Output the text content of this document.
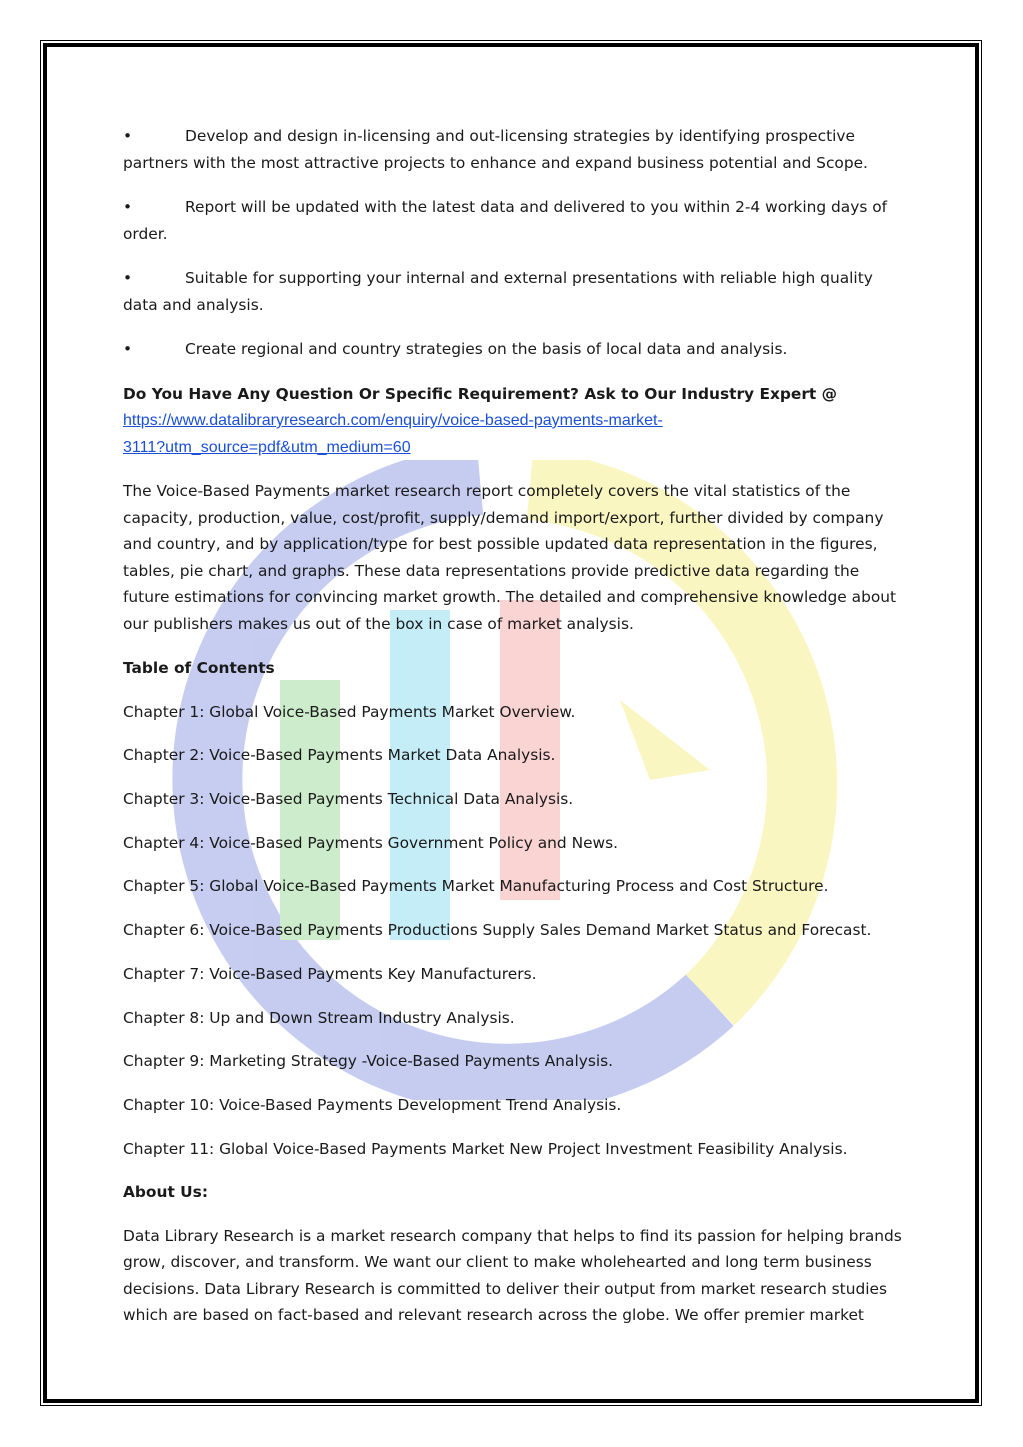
•	Develop and design in-licensing and out-licensing strategies by identifying prospective

partners with the most attractive projects to enhance and expand business potential and Scope.

•	Report will be updated with the latest data and delivered to you within 2-4 working days of

order.

•	Suitable for supporting your internal and external presentations with reliable high quality

data and analysis.

•	Create regional and country strategies on the basis of local data and analysis.

Do You Have Any Question Or Specific Requirement? Ask to Our Industry Expert @

https://www.datalibraryresearch.com/enquiry/voice-based-payments-market-
3111?utm_source=pdf&utm_medium=60

The Voice-Based Payments market research report completely covers the vital statistics of the capacity, production, value, cost/profit, supply/demand import/export, further divided by company and country, and by application/type for best possible updated data representation in the figures, tables, pie chart, and graphs. These data representations provide predictive data regarding the future estimations for convincing market growth. The detailed and comprehensive knowledge about our publishers makes us out of the box in case of market analysis.

Table of Contents

Chapter 1: Global Voice-Based Payments Market Overview.

Chapter 2: Voice-Based Payments Market Data Analysis.

Chapter 3: Voice-Based Payments Technical Data Analysis.

Chapter 4: Voice-Based Payments Government Policy and News.

Chapter 5: Global Voice-Based Payments Market Manufacturing Process and Cost Structure.

Chapter 6: Voice-Based Payments Productions Supply Sales Demand Market Status and Forecast.

Chapter 7: Voice-Based Payments Key Manufacturers.

Chapter 8: Up and Down Stream Industry Analysis.

Chapter 9: Marketing Strategy -Voice-Based Payments Analysis.

Chapter 10: Voice-Based Payments Development Trend Analysis.

Chapter 11: Global Voice-Based Payments Market New Project Investment Feasibility Analysis.

About Us:

Data Library Research is a market research company that helps to find its passion for helping brands grow, discover, and transform. We want our client to make wholehearted and long term business decisions. Data Library Research is committed to deliver their output from market research studies which are based on fact-based and relevant research across the globe. We offer premier market
